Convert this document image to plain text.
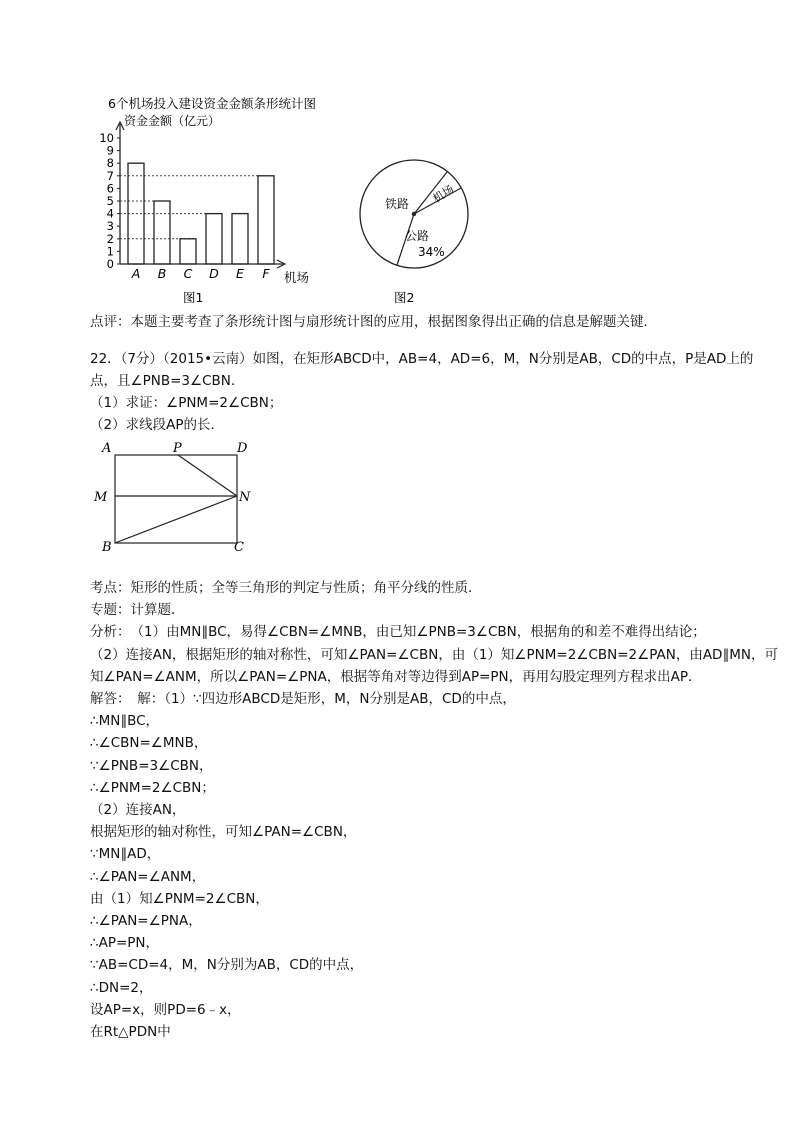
6个机场投入建设资金金额条形统计图
资金金额（亿元）
0
1
2
3
4
5
6
7
8
9
10
A B C D E F 机场
图1
铁路 机场
公路
34%
图2
点评：本题主要考查了条形统计图与扇形统计图的应用，根据图象得出正确的信息是解题关键．
22．（7分）（2015•云南）如图，在矩形ABCD中，AB=4，AD=6，M，N分别是AB，CD的中点，P是AD上的
点，且∠PNB=3∠CBN．
（1）求证：∠PNM=2∠CBN；
（2）求线段AP的长．
A	P	D
M	N
B	C
考点：矩形的性质；全等三角形的判定与性质；角平分线的性质．
专题：计算题．
分析：　（1）由MN∥BC，易得∠CBN=∠MNB，由已知∠PNB=3∠CBN，根据角的和差不难得出结论；
（2）连接AN，根据矩形的轴对称性，可知∠PAN=∠CBN，由（1）知∠PNM=2∠CBN=2∠PAN，由AD∥MN，可
知∠PAN=∠ANM，所以∠PAN=∠PNA，根据等角对等边得到AP=PN，再用勾股定理列方程求出AP．
解答：　解：（1）∵四边形ABCD是矩形，M，N分别是AB，CD的中点，
∴MN∥BC，
∴∠CBN=∠MNB，
∵∠PNB=3∠CBN，
∴∠PNM=2∠CBN；
（2）连接AN，
根据矩形的轴对称性，可知∠PAN=∠CBN，
∵MN∥AD，
∴∠PAN=∠ANM，
由（1）知∠PNM=2∠CBN，
∴∠PAN=∠PNA，
∴AP=PN，
∵AB=CD=4，M，N分别为AB，CD的中点，
∴DN=2，
设AP=x，则PD=6﹣x，
在Rt△PDN中
